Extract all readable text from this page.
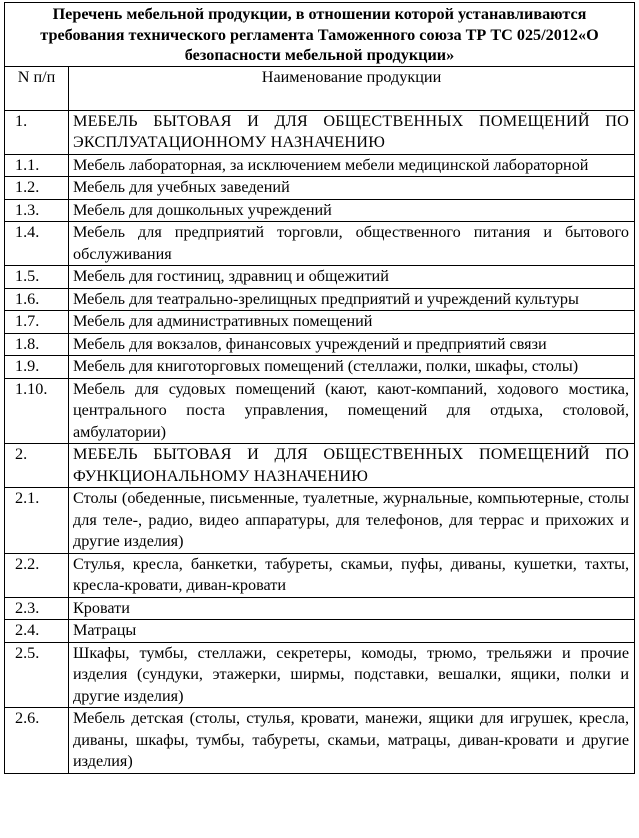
Перечень мебельной продукции, в отношении которой устанавливаются требования технического регламента Таможенного союза ТР ТС 025/2012«О безопасности мебельной продукции»	
N п/п	Наименование продукции
1.	МЕБЕЛЬ БЫТОВАЯ И ДЛЯ ОБЩЕСТВЕННЫХ ПОМЕЩЕНИЙ ПО ЭКСПЛУАТАЦИОННОМУ НАЗНАЧЕНИЮ
1.1.	Мебель лабораторная, за исключением мебели медицинской лабораторной
1.2.	Мебель для учебных заведений
1.3.	Мебель для дошкольных учреждений
1.4.	Мебель для предприятий торговли, общественного питания и бытового обслуживания
1.5.	Мебель для гостиниц, здравниц и общежитий
1.6.	Мебель для театрально-зрелищных предприятий и учреждений культуры
1.7.	Мебель для административных помещений
1.8.	Мебель для вокзалов, финансовых учреждений и предприятий связи
1.9.	Мебель для книготорговых помещений (стеллажи, полки, шкафы, столы)
1.10.	Мебель для судовых помещений (кают, кают-компаний, ходового мостика, центрального поста управления, помещений для отдыха, столовой, амбулатории)
2.	МЕБЕЛЬ БЫТОВАЯ И ДЛЯ ОБЩЕСТВЕННЫХ ПОМЕЩЕНИЙ ПО ФУНКЦИОНАЛЬНОМУ НАЗНАЧЕНИЮ
2.1.	Столы (обеденные, письменные, туалетные, журнальные, компьютерные, столы для теле-, радио, видео аппаратуры, для телефонов, для террас и прихожих и другие изделия)
2.2.	Стулья, кресла, банкетки, табуреты, скамьи, пуфы, диваны, кушетки, тахты, кресла-кровати, диван-кровати
2.3.	Кровати
2.4.	Матрацы
2.5.	Шкафы, тумбы, стеллажи, секретеры, комоды, трюмо, трельяжи и прочие изделия (сундуки, этажерки, ширмы, подставки, вешалки, ящики, полки и другие изделия)
2.6.	Мебель детская (столы, стулья, кровати, манежи, ящики для игрушек, кресла, диваны, шкафы, тумбы, табуреты, скамьи, матрацы, диван-кровати и другие изделия)
